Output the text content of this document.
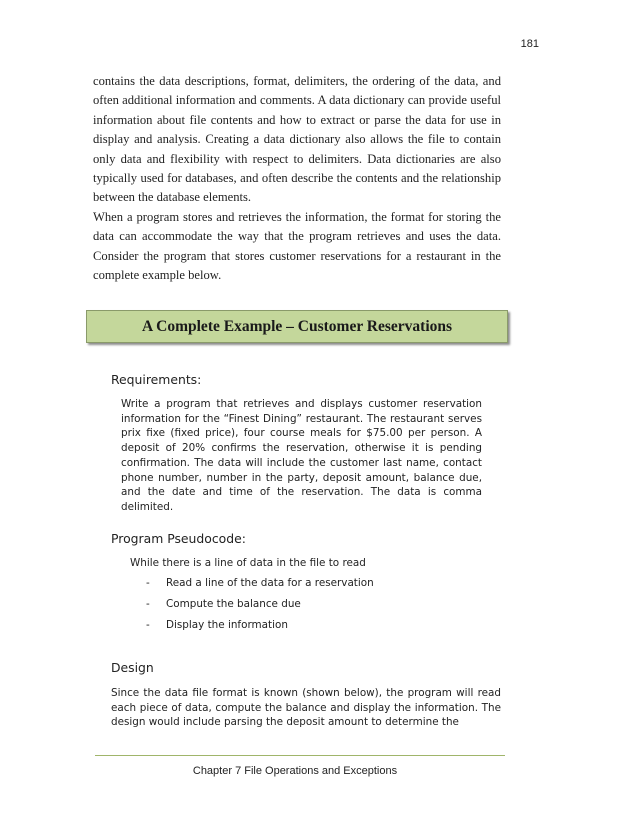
181

contains the data descriptions, format, delimiters, the ordering of the data, and often additional information and comments. A data dictionary can provide useful information about file contents and how to extract or parse the data for use in display and analysis. Creating a data dictionary also allows the file to contain only data and flexibility with respect to delimiters. Data dictionaries are also typically used for databases, and often describe the contents and the relationship between the database elements.

When a program stores and retrieves the information, the format for storing the data can accommodate the way that the program retrieves and uses the data. Consider the program that stores customer reservations for a restaurant in the complete example below.

A Complete Example – Customer Reservations

Requirements:

Write a program that retrieves and displays customer reservation information for the “Finest Dining” restaurant. The restaurant serves prix fixe (fixed price), four course meals for $75.00 per person. A deposit of 20% confirms the reservation, otherwise it is pending confirmation. The data will include the customer last name, contact phone number, number in the party, deposit amount, balance due, and the date and time of the reservation. The data is comma delimited.

Program Pseudocode:

While there is a line of data in the file to read

-	Read a line of the data for a reservation
-	Compute the balance due
-	Display the information

Design

Since the data file format is known (shown below), the program will read each piece of data, compute the balance and display the information. The design would include parsing the deposit amount to determine the

Chapter 7 File Operations and Exceptions
